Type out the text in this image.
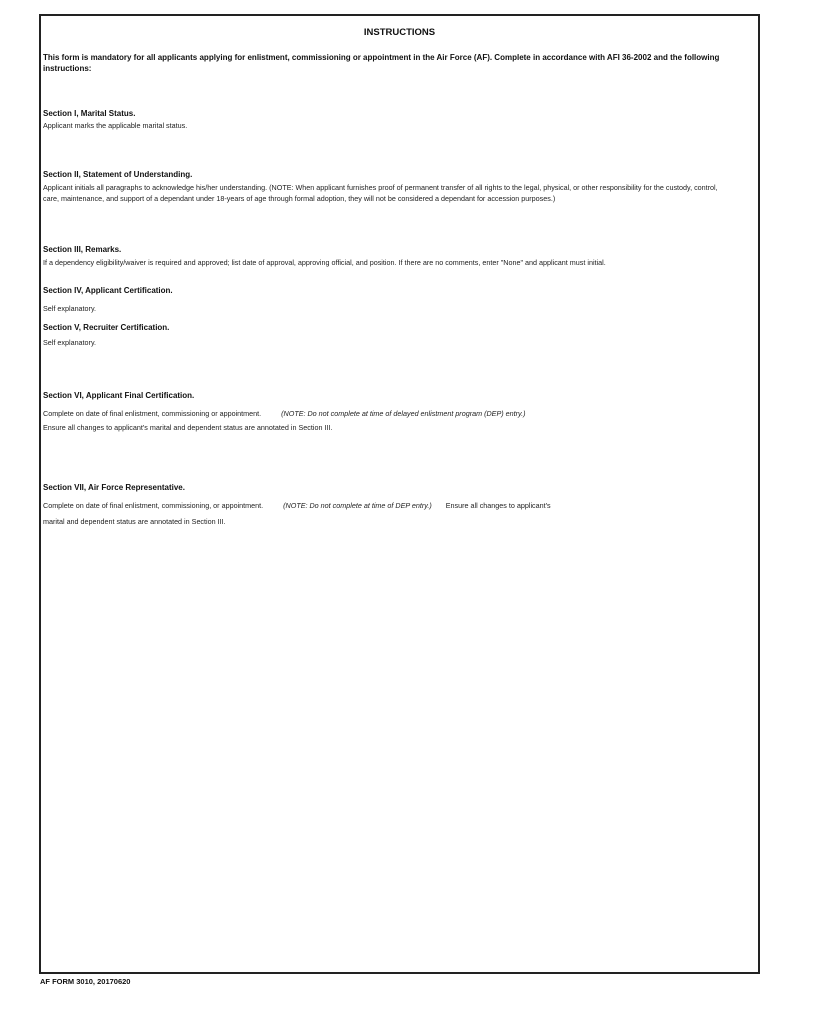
INSTRUCTIONS
This form is mandatory for all applicants applying for enlistment, commissioning or appointment in the Air Force (AF). Complete in accordance with AFI 36-2002 and the following instructions:
Section I, Marital Status.
Applicant marks the applicable marital status.
Section II, Statement of Understanding.
Applicant initials all paragraphs to acknowledge his/her understanding. (NOTE: When applicant furnishes proof of permanent transfer of all rights to the legal, physical, or other responsibility for the custody, control, care, maintenance, and support of a dependant under 18-years of age through formal adoption, they will not be considered a dependant for accession purposes.)
Section III, Remarks.
If a dependency eligibility/waiver is required and approved; list date of approval, approving official, and position. If there are no comments, enter "None" and applicant must initial.
Section IV, Applicant Certification.
Self explanatory.
Section V, Recruiter Certification.
Self explanatory.
Section VI, Applicant Final Certification.
Complete on date of final enlistment, commissioning or appointment.	(NOTE: Do not complete at time of delayed enlistment program (DEP) entry.)
Ensure all changes to applicant's marital and dependent status are annotated in Section III.
Section VII, Air Force Representative.
Complete on date of final enlistment, commissioning, or appointment.	(NOTE: Do not complete at time of DEP entry.) Ensure all changes to applicant's
marital and dependent status are annotated in Section III.
AF FORM 3010, 20170620
